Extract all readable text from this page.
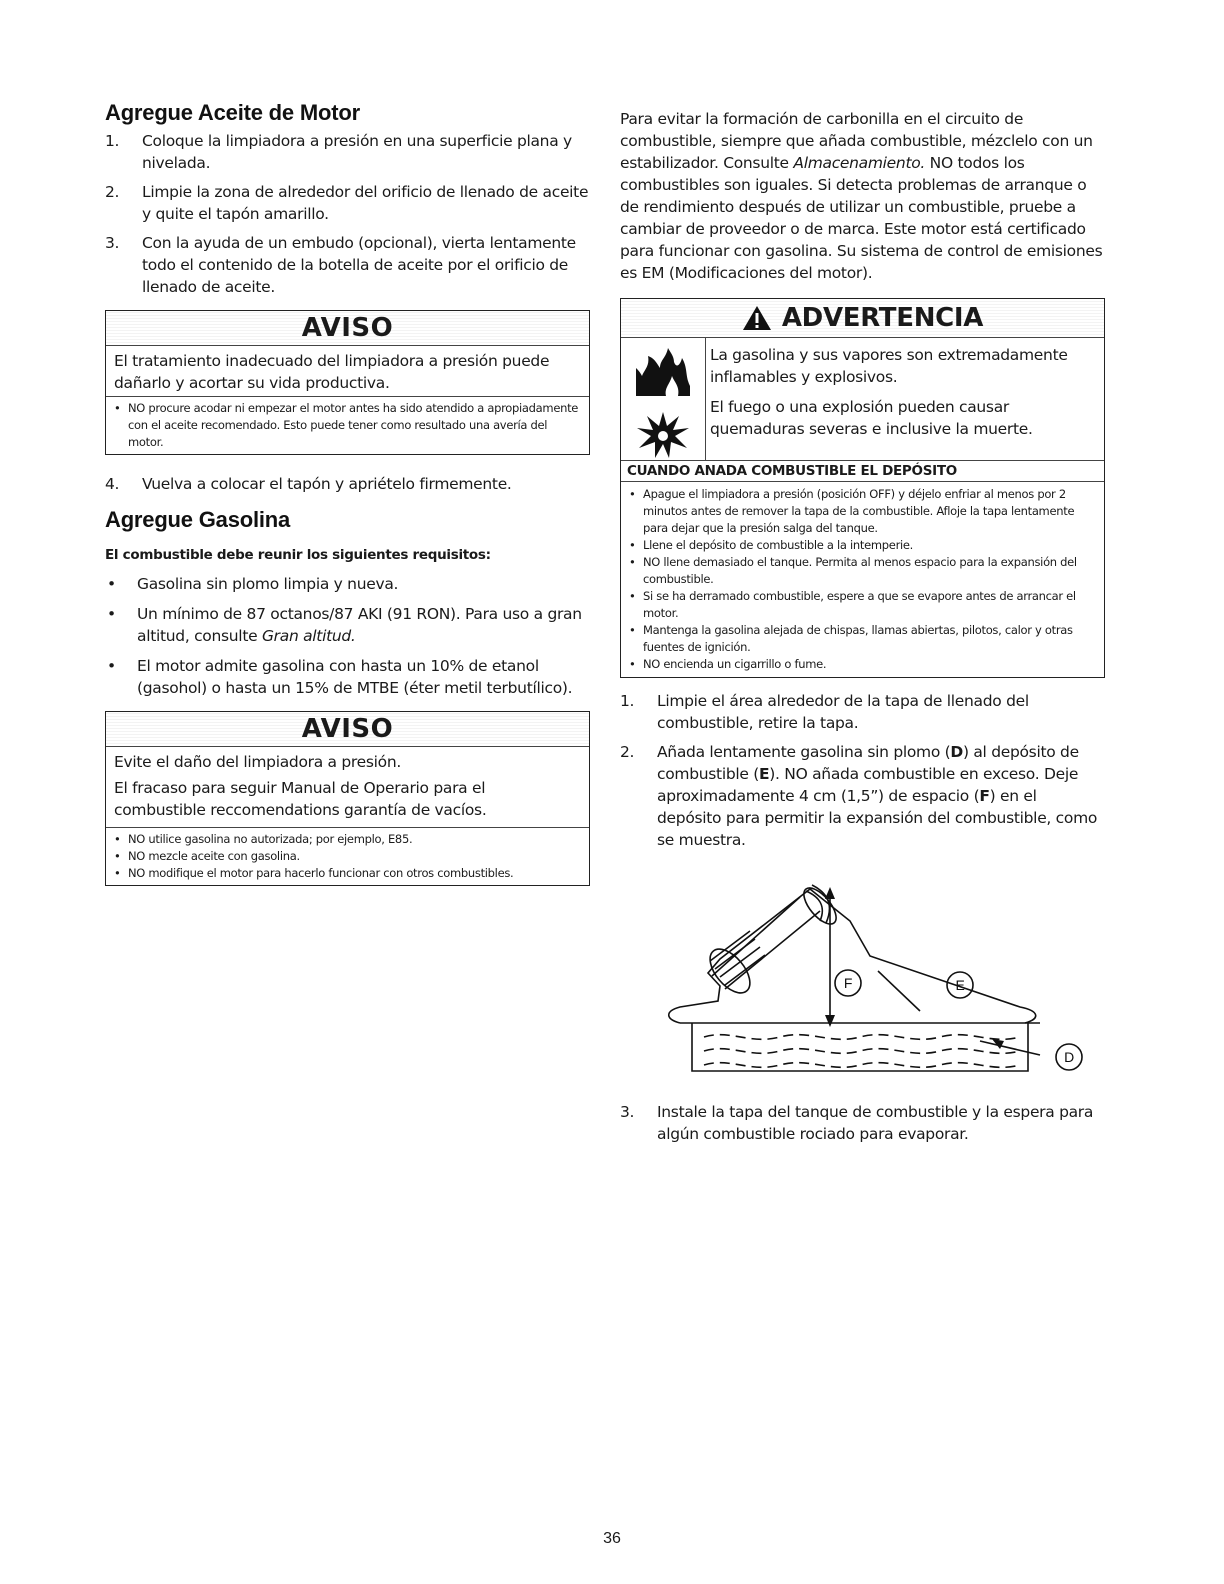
Agregue Aceite de Motor
1. Coloque la limpiadora a presión en una superficie plana y nivelada.
2. Limpie la zona de alrededor del orificio de llenado de aceite y quite el tapón amarillo.
3. Con la ayuda de un embudo (opcional), vierta lentamente todo el contenido de la botella de aceite por el orificio de llenado de aceite.
AVISO
El tratamiento inadecuado del limpiadora a presión puede dañarlo y acortar su vida productiva.
• NO procure acodar ni empezar el motor antes ha sido atendido a apropiadamente con el aceite recomendado. Esto puede tener como resultado una avería del motor.
4. Vuelva a colocar el tapón y apriételo firmemente.
Agregue Gasolina
El combustible debe reunir los siguientes requisitos:
• Gasolina sin plomo limpia y nueva.
• Un mínimo de 87 octanos/87 AKI (91 RON). Para uso a gran altitud, consulte Gran altitud.
• El motor admite gasolina con hasta un 10% de etanol (gasohol) o hasta un 15% de MTBE (éter metil terbutílico).
AVISO

Evite el daño del limpiadora a presión.

El fracaso para seguir Manual de Operario para el combustible reccomendations garantía de vacíos.

• NO utilice gasolina no autorizada; por ejemplo, E85.
• NO mezcle aceite con gasolina.
• NO modifique el motor para hacerlo funcionar con otros combustibles.

Para evitar la formación de carbonilla en el circuito de combustible, siempre que añada combustible, mézclelo con un estabilizador. Consulte Almacenamiento. NO todos los combustibles son iguales. Si detecta problemas de arranque o de rendimiento después de utilizar un combustible, pruebe a cambiar de proveedor o de marca. Este motor está certificado para funcionar con gasolina. Su sistema de control de emisiones es EM (Modificaciones del motor).

ADVERTENCIA

La gasolina y sus vapores son extremadamente inflamables y explosivos.

El fuego o una explosión pueden causar quemaduras severas e inclusive la muerte.

CUANDO ANADA COMBUSTIBLE EL DEPÓSITO
• Apague el limpiadora a presión (posición OFF) y déjelo enfriar al menos por 2 minutos antes de remover la tapa de la combustible. Afloje la tapa lentamente para dejar que la presión salga del tanque.
• Llene el depósito de combustible a la intemperie.
• NO llene demasiado el tanque. Permita al menos espacio para la expansión del combustible.
• Si se ha derramado combustible, espere a que se evapore antes de arrancar el motor.
• Mantenga la gasolina alejada de chispas, llamas abiertas, pilotos, calor y otras fuentes de ignición.
• NO encienda un cigarrillo o fume.
1. Limpie el área alrededor de la tapa de llenado del combustible, retire la tapa.
2. Añada lentamente gasolina sin plomo (D) al depósito de combustible (E). NO añada combustible en exceso. Deje aproximadamente 4 cm (1,5”) de espacio (F) en el depósito para permitir la expansión del combustible, como se muestra.
F	E
D
3. Instale la tapa del tanque de combustible y la espera para algún combustible rociado para evaporar.
36
